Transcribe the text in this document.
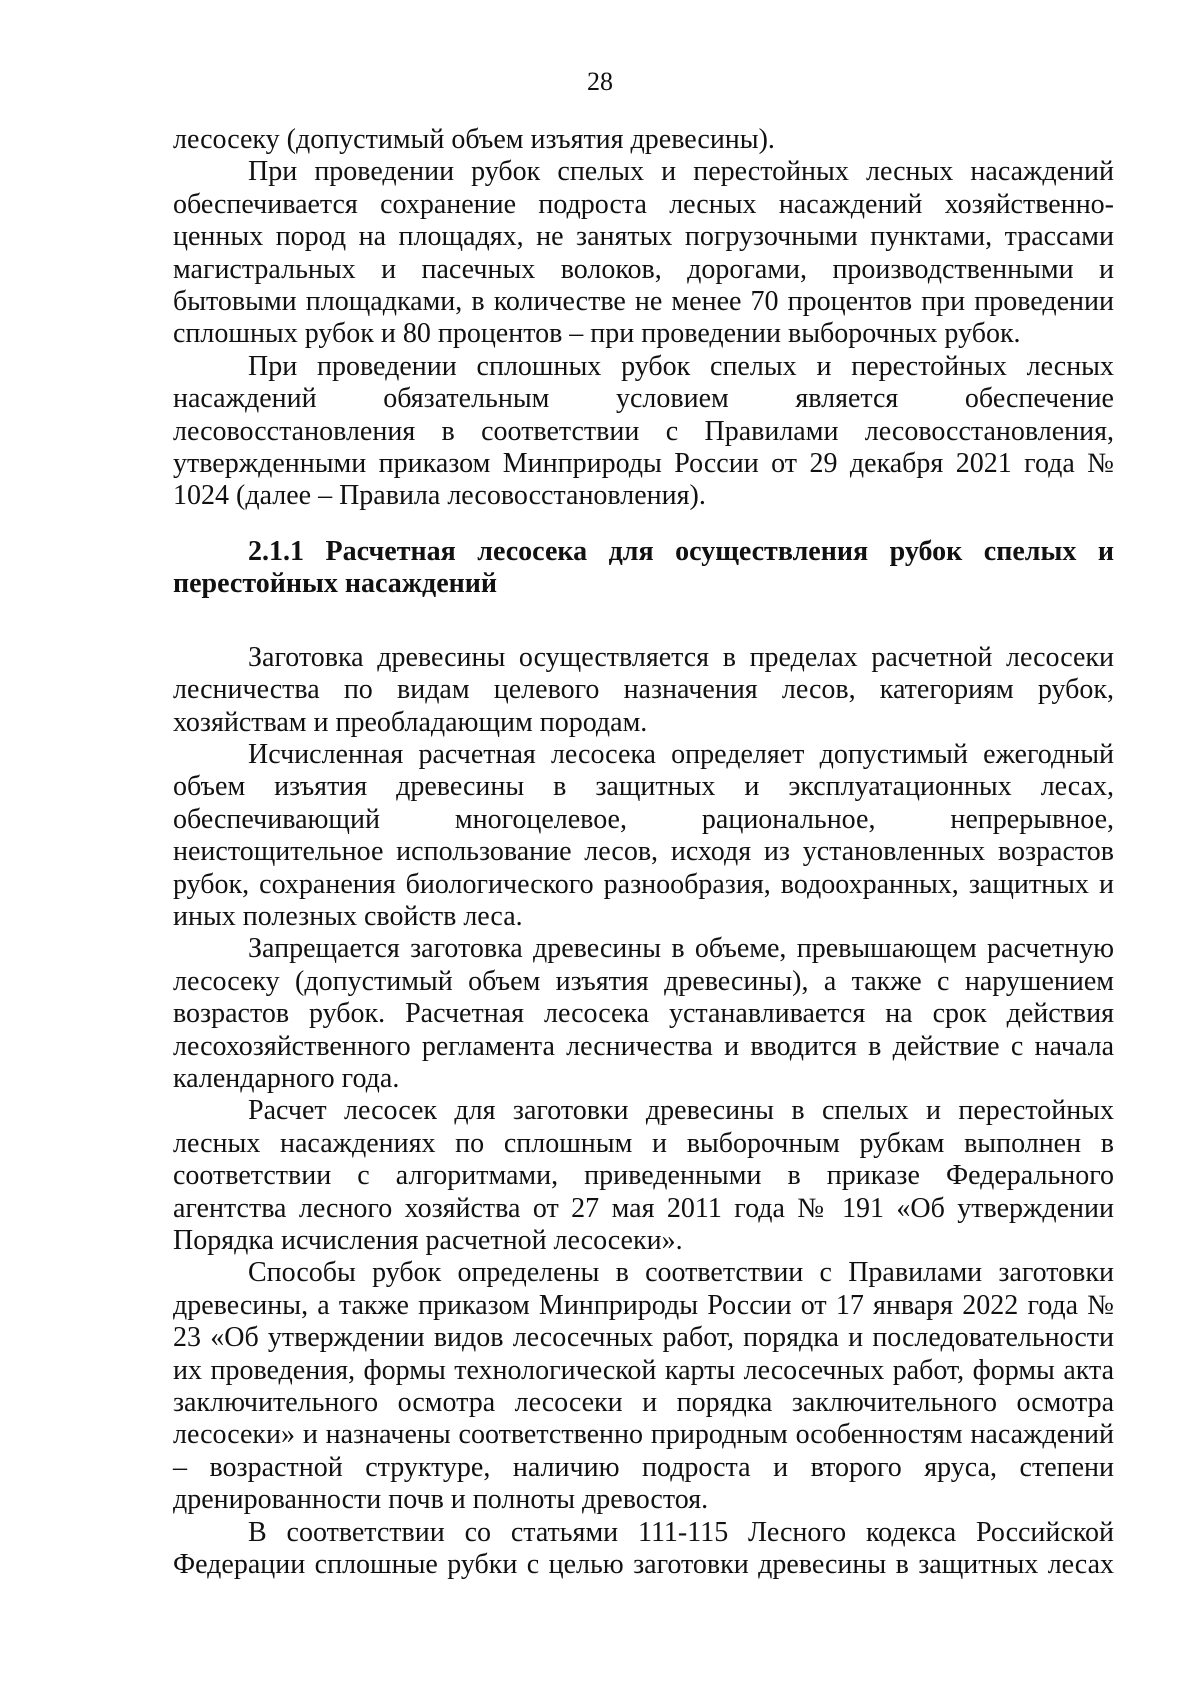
28

лесосеку (допустимый объем изъятия древесины).

При проведении рубок спелых и перестойных лесных насаждений обеспечивается сохранение подроста лесных насаждений хозяйственно-ценных пород на площадях, не занятых погрузочными пунктами, трассами магистральных и пасечных волоков, дорогами, производственными и бытовыми площадками, в количестве не менее 70 процентов при проведении сплошных рубок и 80 процентов – при проведении выборочных рубок.

При проведении сплошных рубок спелых и перестойных лесных насаждений обязательным условием является обеспечение лесовосстановления в соответствии с Правилами лесовосстановления, утвержденными приказом Минприроды России от 29 декабря 2021 года № 1024 (далее – Правила лесовосстановления).

2.1.1 Расчетная лесосека для осуществления рубок спелых и перестойных насаждений

Заготовка древесины осуществляется в пределах расчетной лесосеки лесничества по видам целевого назначения лесов, категориям рубок, хозяйствам и преобладающим породам.

Исчисленная расчетная лесосека определяет допустимый ежегодный объем изъятия древесины в защитных и эксплуатационных лесах, обеспечивающий многоцелевое, рациональное, непрерывное, неистощительное использование лесов, исходя из установленных возрастов рубок, сохранения биологического разнообразия, водоохранных, защитных и иных полезных свойств леса.

Запрещается заготовка древесины в объеме, превышающем расчетную лесосеку (допустимый объем изъятия древесины), а также с нарушением возрастов рубок. Расчетная лесосека устанавливается на срок действия лесохозяйственного регламента лесничества и вводится в действие с начала календарного года.

Расчет лесосек для заготовки древесины в спелых и перестойных лесных насаждениях по сплошным и выборочным рубкам выполнен в соответствии с алгоритмами, приведенными в приказе Федерального агентства лесного хозяйства от 27 мая 2011 года № 191 «Об утверждении Порядка исчисления расчетной лесосеки».

Способы рубок определены в соответствии с Правилами заготовки древесины, а также приказом Минприроды России от 17 января 2022 года № 23 «Об утверждении видов лесосечных работ, порядка и последовательности их проведения, формы технологической карты лесосечных работ, формы акта заключительного осмотра лесосеки и порядка заключительного осмотра лесосеки» и назначены соответственно природным особенностям насаждений – возрастной структуре, наличию подроста и второго яруса, степени дренированности почв и полноты древостоя.

В соответствии со статьями 111-115 Лесного кодекса Российской Федерации сплошные рубки с целью заготовки древесины в защитных лесах
